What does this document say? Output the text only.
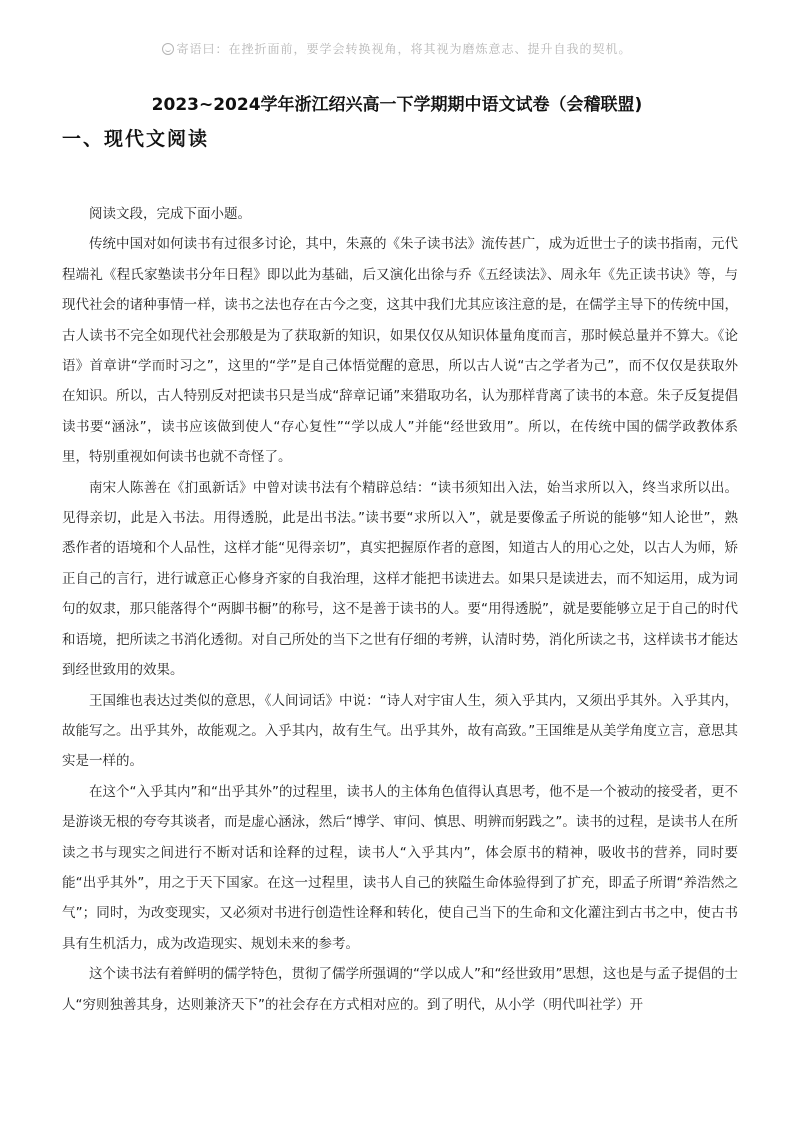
寄语曰：在挫折面前，要学会转换视角，将其视为磨炼意志、提升自我的契机。
2023~2024学年浙江绍兴高一下学期期中语文试卷（会稽联盟)
一、现代文阅读

阅读文段，完成下面小题。

传统中国对如何读书有过很多讨论，其中，朱熹的《朱子读书法》流传甚广，成为近世士子的读书指南，元代程端礼《程氏家塾读书分年日程》即以此为基础，后又演化出徐与乔《五经读法》、周永年《先正读书诀》等，与现代社会的诸种事情一样，读书之法也存在古今之变，这其中我们尤其应该注意的是，在儒学主导下的传统中国，古人读书不完全如现代社会那般是为了获取新的知识，如果仅仅从知识体量角度而言，那时候总量并不算大。《论语》首章讲“学而时习之”，这里的“学”是自己体悟觉醒的意思，所以古人说“古之学者为己”，而不仅仅是获取外在知识。所以，古人特别反对把读书只是当成“辞章记诵”来猎取功名，认为那样背离了读书的本意。朱子反复提倡读书要“涵泳”，读书应该做到使人“存心复性”“学以成人”并能“经世致用”。所以，在传统中国的儒学政教体系里，特别重视如何读书也就不奇怪了。

南宋人陈善在《扪虱新话》中曾对读书法有个精辟总结：“读书须知出入法，始当求所以入，终当求所以出。见得亲切，此是入书法。用得透脱，此是出书法。”读书要“求所以入”，就是要像孟子所说的能够“知人论世”，熟悉作者的语境和个人品性，这样才能“见得亲切”，真实把握原作者的意图，知道古人的用心之处，以古人为师，矫正自己的言行，进行诚意正心修身齐家的自我治理，这样才能把书读进去。如果只是读进去，而不知运用，成为词句的奴隶，那只能落得个“两脚书橱”的称号，这不是善于读书的人。要“用得透脱”，就是要能够立足于自己的时代和语境，把所读之书消化透彻。对自己所处的当下之世有仔细的考辨，认清时势，消化所读之书，这样读书才能达到经世致用的效果。

王国维也表达过类似的意思，《人间词话》中说：“诗人对宇宙人生，须入乎其内，又须出乎其外。入乎其内，故能写之。出乎其外，故能观之。入乎其内，故有生气。出乎其外，故有高致。”王国维是从美学角度立言，意思其实是一样的。

在这个“入乎其内”和“出乎其外”的过程里，读书人的主体角色值得认真思考，他不是一个被动的接受者，更不是游谈无根的夸夸其谈者，而是虚心涵泳，然后“博学、审问、慎思、明辨而躬践之”。读书的过程，是读书人在所读之书与现实之间进行不断对话和诠释的过程，读书人“入乎其内”，体会原书的精神，吸收书的营养，同时要能“出乎其外”，用之于天下国家。在这一过程里，读书人自己的狭隘生命体验得到了扩充，即孟子所谓“养浩然之气”；同时，为改变现实，又必须对书进行创造性诠释和转化，使自己当下的生命和文化灌注到古书之中，使古书具有生机活力，成为改造现实、规划未来的参考。

这个读书法有着鲜明的儒学特色，贯彻了儒学所强调的“学以成人”和“经世致用”思想，这也是与孟子提倡的士人“穷则独善其身，达则兼济天下”的社会存在方式相对应的。到了明代，从小学（明代叫社学）开
